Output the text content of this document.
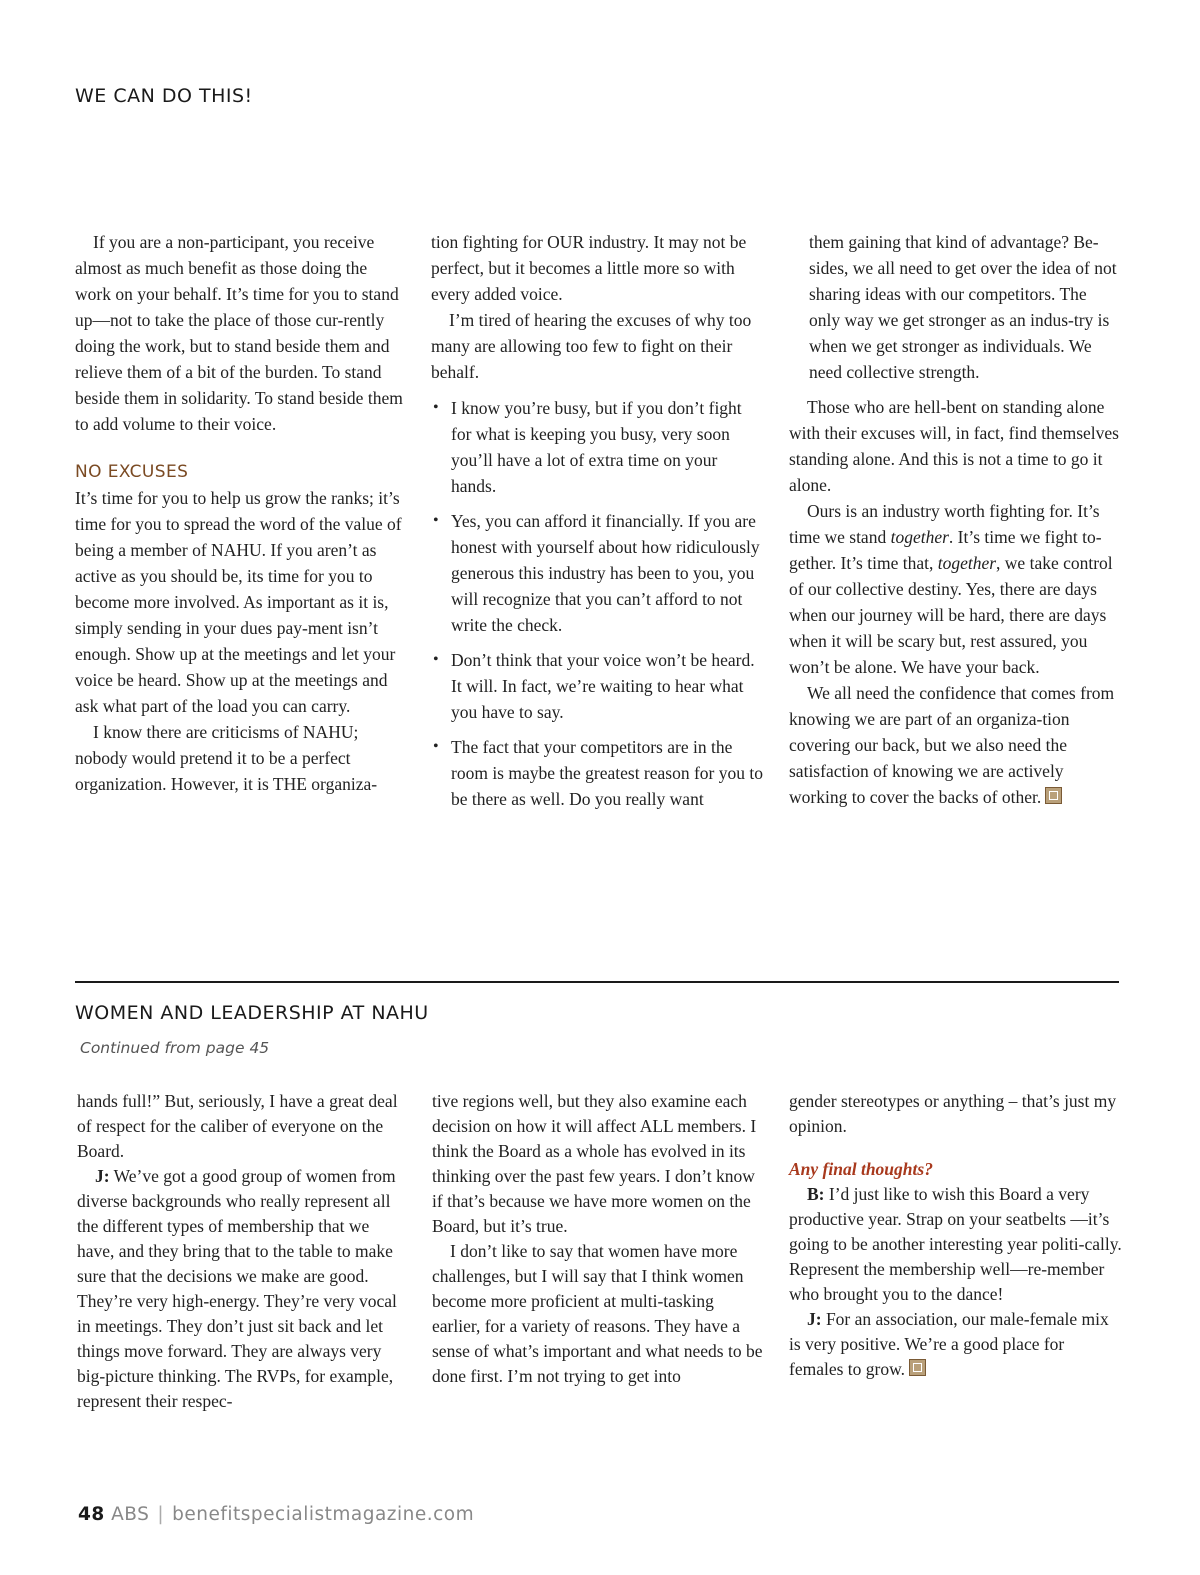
WE CAN DO THIS!

If you are a non-participant, you receive almost as much benefit as those doing the work on your behalf. It’s time for you to stand up—not to take the place of those cur-rently doing the work, but to stand beside them and relieve them of a bit of the burden. To stand beside them in solidarity. To stand beside them to add volume to their voice.

NO EXCUSES

It’s time for you to help us grow the ranks; it’s time for you to spread the word of the value of being a member of NAHU. If you aren’t as active as you should be, its time for you to become more involved. As important as it is, simply sending in your dues pay-ment isn’t enough. Show up at the meetings and let your voice be heard. Show up at the meetings and ask what part of the load you can carry.

I know there are criticisms of NAHU; nobody would pretend it to be a perfect organization. However, it is THE organiza-

tion fighting for OUR industry. It may not be perfect, but it becomes a little more so with every added voice.

I’m tired of hearing the excuses of why too many are allowing too few to fight on their behalf.

• I know you’re busy, but if you don’t fight for what is keeping you busy, very soon you’ll have a lot of extra time on your hands.
• Yes, you can afford it financially. If you are honest with yourself about how ridiculously generous this industry has been to you, you will recognize that you can’t afford to not write the check.
• Don’t think that your voice won’t be heard. It will. In fact, we’re waiting to hear what you have to say.
• The fact that your competitors are in the room is maybe the greatest reason for you to be there as well. Do you really want

them gaining that kind of advantage? Be-sides, we all need to get over the idea of not sharing ideas with our competitors. The only way we get stronger as an indus-try is when we get stronger as individuals. We need collective strength.

Those who are hell-bent on standing alone with their excuses will, in fact, find themselves standing alone. And this is not a time to go it alone.

Ours is an industry worth fighting for. It’s time we stand together. It’s time we fight to-gether. It’s time that, together, we take control of our collective destiny. Yes, there are days when our journey will be hard, there are days when it will be scary but, rest assured, you won’t be alone. We have your back.

We all need the confidence that comes from knowing we are part of an organiza-tion covering our back, but we also need the satisfaction of knowing we are actively working to cover the backs of other.

WOMEN AND LEADERSHIP AT NAHU
Continued from page 45

hands full!” But, seriously, I have a great deal of respect for the caliber of everyone on the Board.

J: We’ve got a good group of women from diverse backgrounds who really represent all the different types of membership that we have, and they bring that to the table to make sure that the decisions we make are good. They’re very high-energy. They’re very vocal in meetings. They don’t just sit back and let things move forward. They are always very big-picture thinking. The RVPs, for example, represent their respec-

tive regions well, but they also examine each decision on how it will affect ALL members. I think the Board as a whole has evolved in its thinking over the past few years. I don’t know if that’s because we have more women on the Board, but it’s true.

I don’t like to say that women have more challenges, but I will say that I think women become more proficient at multi-tasking earlier, for a variety of reasons. They have a sense of what’s important and what needs to be done first. I’m not trying to get into

gender stereotypes or anything – that’s just my opinion.

Any final thoughts?

B: I’d just like to wish this Board a very productive year. Strap on your seatbelts —it’s going to be another interesting year politi-cally. Represent the membership well—re-member who brought you to the dance!

J: For an association, our male-female mix is very positive. We’re a good place for females to grow.

48 ABS | benefitspecialistmagazine.com
